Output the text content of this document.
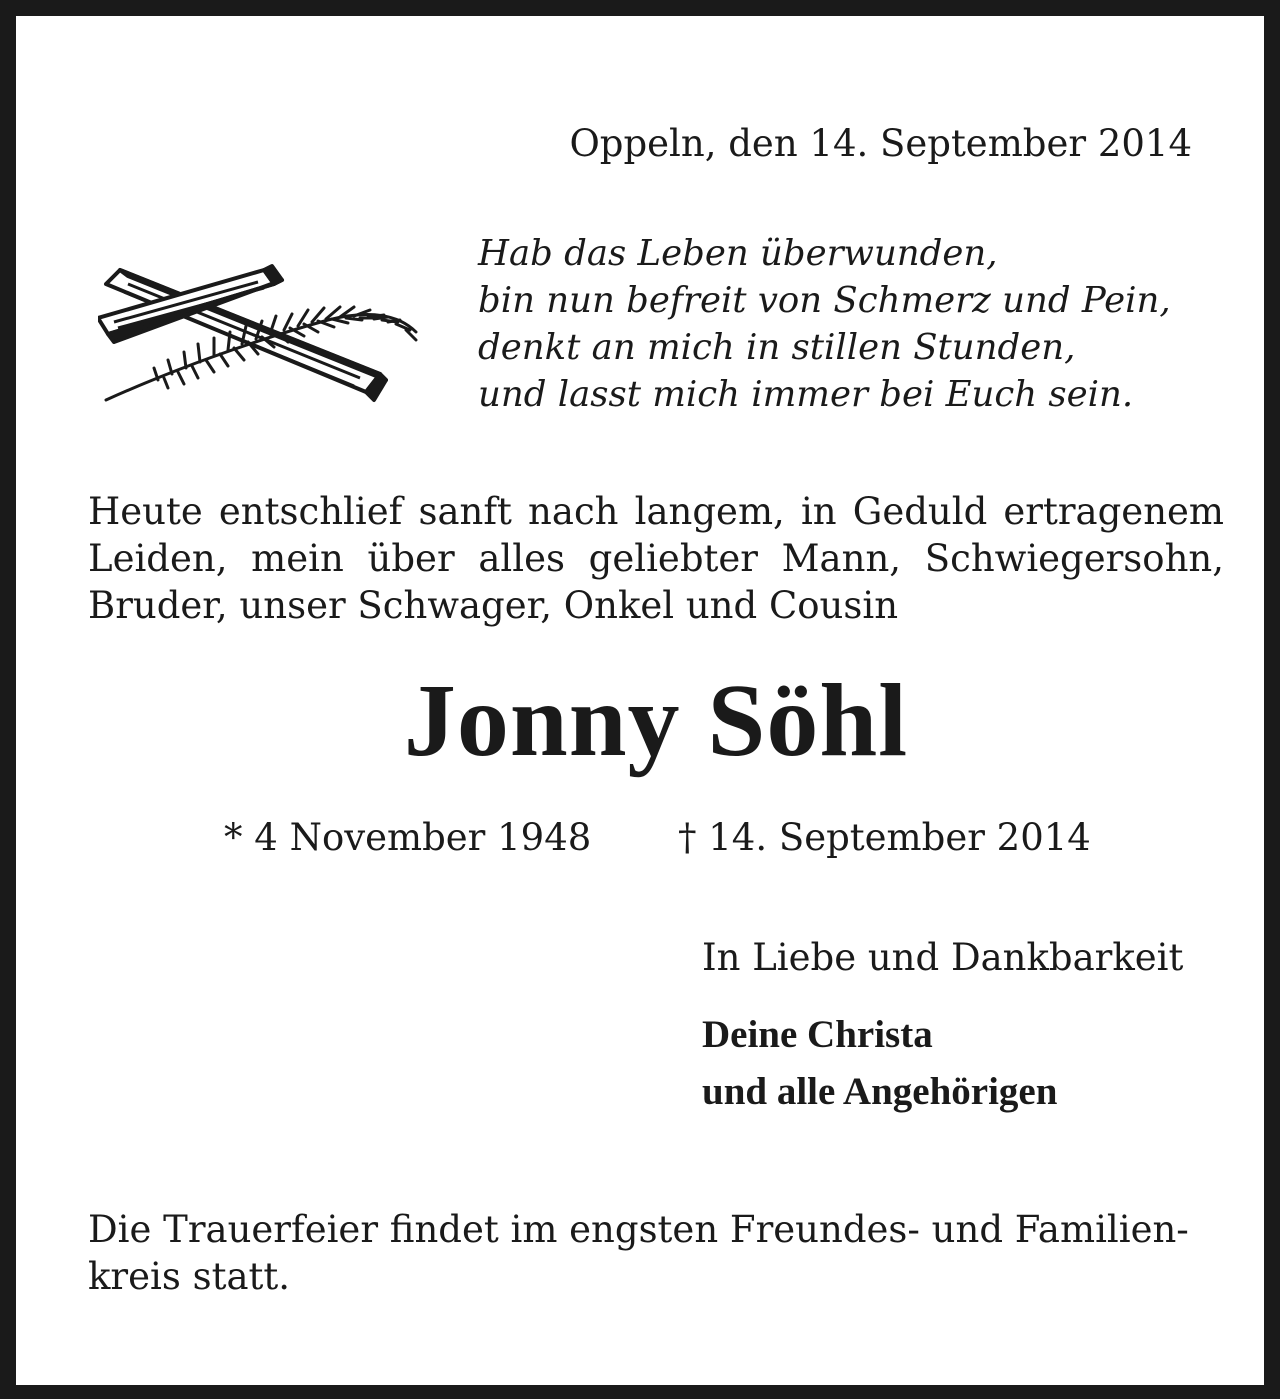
Oppeln, den 14. September 2014
Hab das Leben überwunden,
bin nun befreit von Schmerz und Pein,
denkt an mich in stillen Stunden,
und lasst mich immer bei Euch sein.
Heute entschlief sanft nach langem, in Geduld ertragenem Leiden, mein über alles geliebter Mann, Schwiegersohn, Bruder, unser Schwager, Onkel und Cousin
Jonny Söhl
* 4 November 1948 † 14. September 2014
In Liebe und Dankbarkeit
Deine Christa
und alle Angehörigen
Die Trauerfeier findet im engsten Freundes- und Familien-
kreis statt.
